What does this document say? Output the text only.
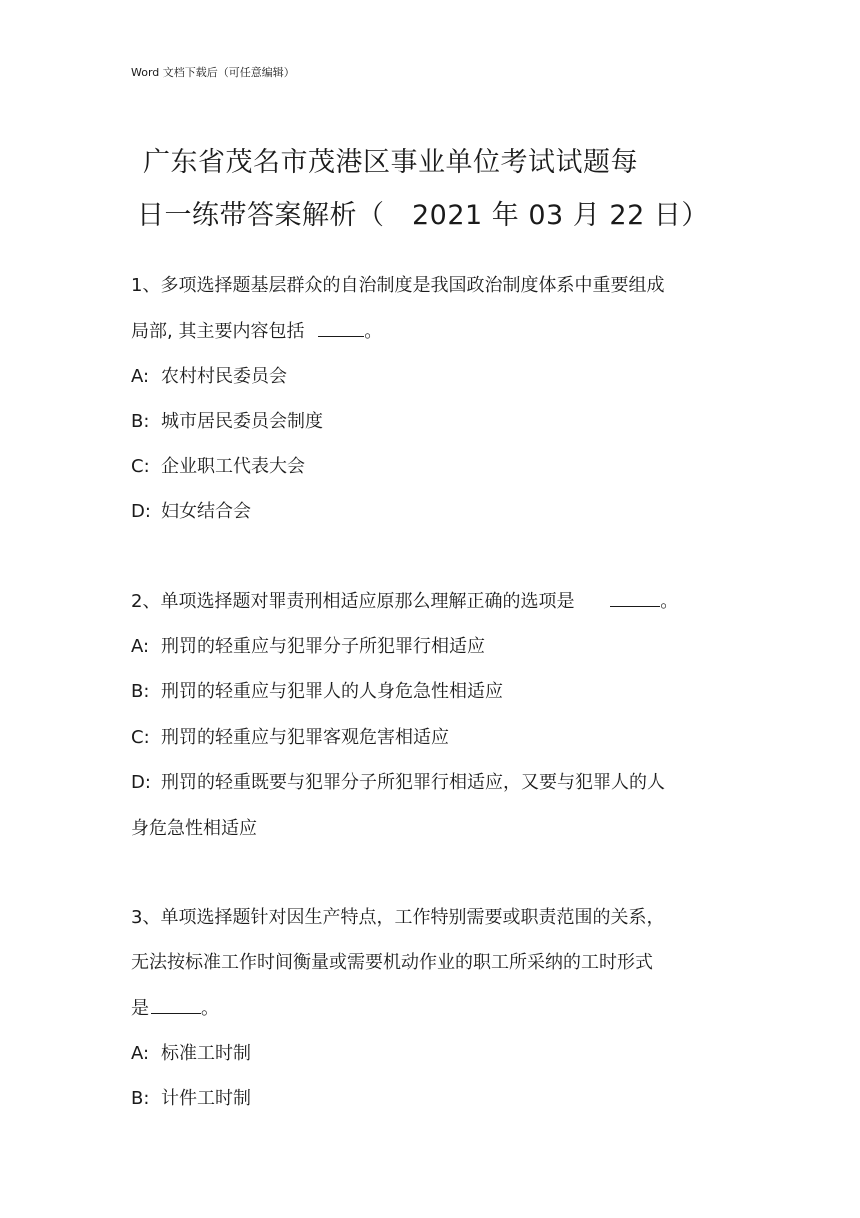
Word 文档下载后（可任意编辑）
广东省茂名市茂港区事业单位考试试题每
日一练带答案解析（　2021 年 03 月 22 日）
1、多项选择题基层群众的自治制度是我国政治制度体系中重要组成
局部, 其主要内容包括	。
A: 农村村民委员会
B: 城市居民委员会制度
C: 企业职工代表大会
D: 妇女结合会
2、单项选择题对罪责刑相适应原那么理解正确的选项是	。
A: 刑罚的轻重应与犯罪分子所犯罪行相适应
B: 刑罚的轻重应与犯罪人的人身危急性相适应
C: 刑罚的轻重应与犯罪客观危害相适应
D: 刑罚的轻重既要与犯罪分子所犯罪行相适应，又要与犯罪人的人
身危急性相适应
3、单项选择题针对因生产特点，工作特别需要或职责范围的关系，
无法按标准工作时间衡量或需要机动作业的职工所采纳的工时形式
是	。
A: 标准工时制
B: 计件工时制
